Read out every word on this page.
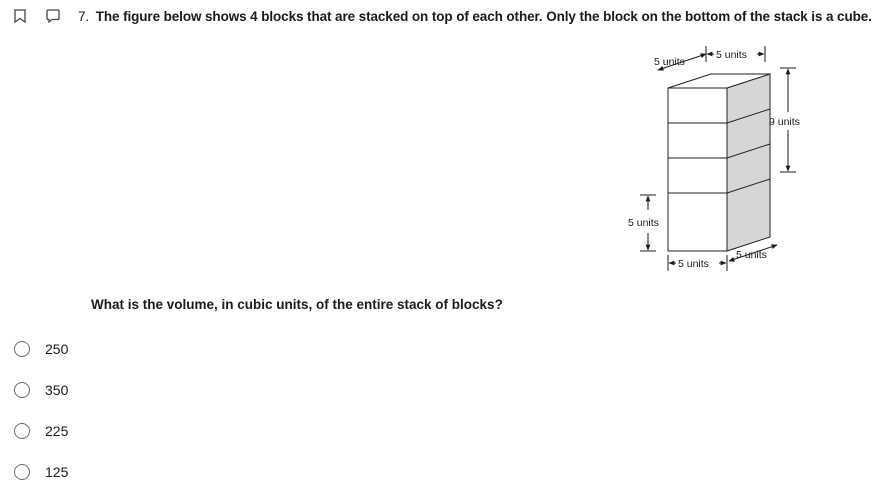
7. The figure below shows 4 blocks that are stacked on top of each other. Only the block on the bottom of the stack is a cube.
5 units
5 units
9 units
5 units
5 units
5 units
What is the volume, in cubic units, of the entire stack of blocks?
250
350
225
125
